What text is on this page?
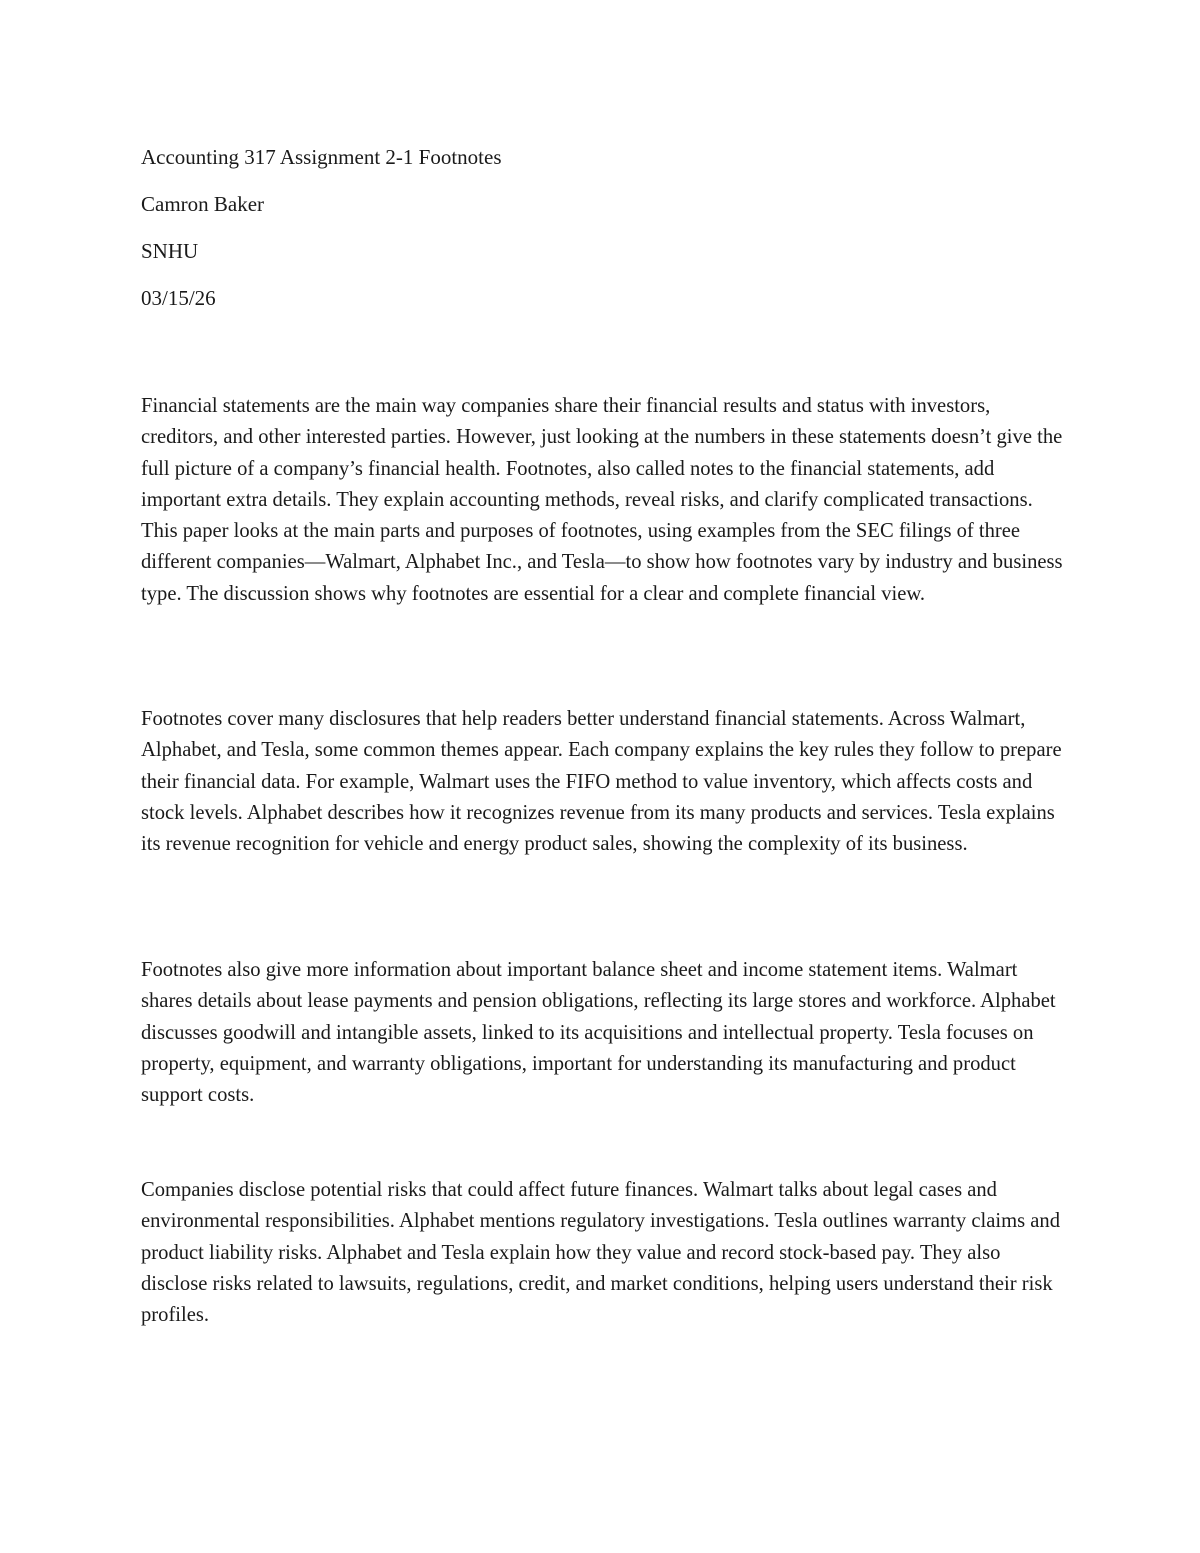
Accounting 317 Assignment 2-1 Footnotes
Camron Baker
SNHU
03/15/26

Financial statements are the main way companies share their financial results and status with investors, creditors, and other interested parties. However, just looking at the numbers in these statements doesn’t give the full picture of a company’s financial health. Footnotes, also called notes to the financial statements, add important extra details. They explain accounting methods, reveal risks, and clarify complicated transactions. This paper looks at the main parts and purposes of footnotes, using examples from the SEC filings of three different companies—Walmart, Alphabet Inc., and Tesla—to show how footnotes vary by industry and business type. The discussion shows why footnotes are essential for a clear and complete financial view.

Footnotes cover many disclosures that help readers better understand financial statements. Across Walmart, Alphabet, and Tesla, some common themes appear. Each company explains the key rules they follow to prepare their financial data. For example, Walmart uses the FIFO method to value inventory, which affects costs and stock levels. Alphabet describes how it recognizes revenue from its many products and services. Tesla explains its revenue recognition for vehicle and energy product sales, showing the complexity of its business.

Footnotes also give more information about important balance sheet and income statement items. Walmart shares details about lease payments and pension obligations, reflecting its large stores and workforce. Alphabet discusses goodwill and intangible assets, linked to its acquisitions and intellectual property. Tesla focuses on property, equipment, and warranty obligations, important for understanding its manufacturing and product support costs.

Companies disclose potential risks that could affect future finances. Walmart talks about legal cases and environmental responsibilities. Alphabet mentions regulatory investigations. Tesla outlines warranty claims and product liability risks. Alphabet and Tesla explain how they value and record stock-based pay. They also disclose risks related to lawsuits, regulations, credit, and market conditions, helping users understand their risk profiles.
